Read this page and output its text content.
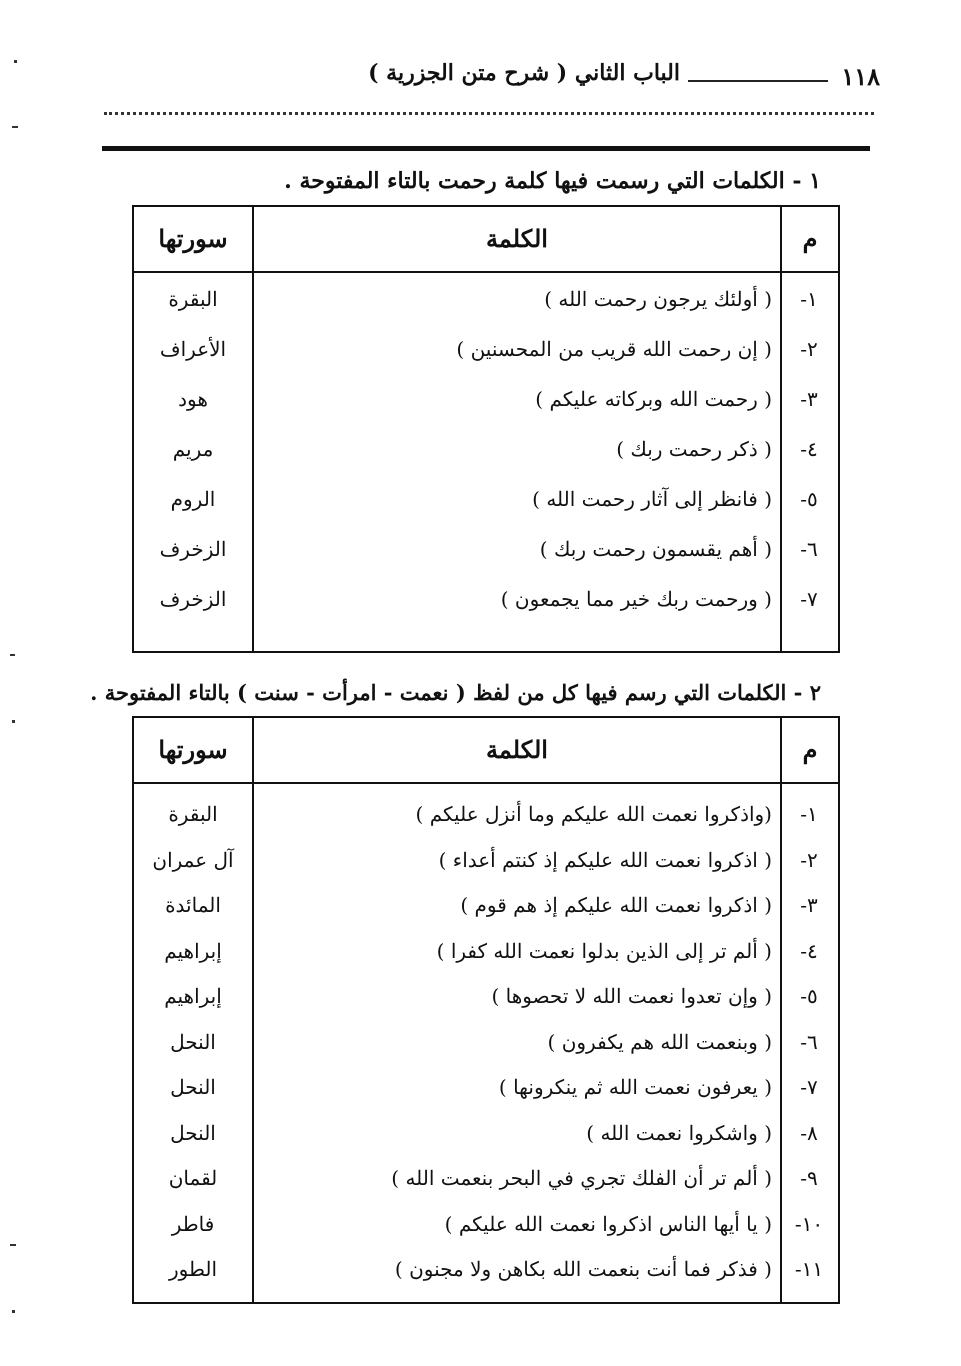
١١٨
الباب الثاني ( شرح متن الجزرية )
١ - الكلمات التي رسمت فيها كلمة رحمت بالتاء المفتوحة .
م
الكلمة
سورتها
١-
( أولئك يرجون رحمت الله )
البقرة
٢-
( إن رحمت الله قريب من المحسنين )
الأعراف
٣-
( رحمت الله وبركاته عليكم )
هود
٤-
( ذكر رحمت ربك )
مريم
٥-
( فانظر إلى آثار رحمت الله )
الروم
٦-
( أهم يقسمون رحمت ربك )
الزخرف
٧-
( ورحمت ربك خير مما يجمعون )
الزخرف
٢ - الكلمات التي رسم فيها كل من لفظ ( نعمت - امرأت - سنت ) بالتاء المفتوحة .
م
الكلمة
سورتها
١-
(واذكروا نعمت الله عليكم وما أنزل عليكم )
البقرة
٢-
( اذكروا نعمت الله عليكم إذ كنتم أعداء )
آل عمران
٣-
( اذكروا نعمت الله عليكم إذ هم قوم )
المائدة
٤-
( ألم تر إلى الذين بدلوا نعمت الله كفرا )
إبراهيم
٥-
( وإن تعدوا نعمت الله لا تحصوها )
إبراهيم
٦-
( وبنعمت الله هم يكفرون )
النحل
٧-
( يعرفون نعمت الله ثم ينكرونها )
النحل
٨-
( واشكروا نعمت الله )
النحل
٩-
( ألم تر أن الفلك تجري في البحر بنعمت الله )
لقمان
١٠-
( يا أيها الناس اذكروا نعمت الله عليكم )
فاطر
١١-
( فذكر فما أنت بنعمت الله بكاهن ولا مجنون )
الطور
